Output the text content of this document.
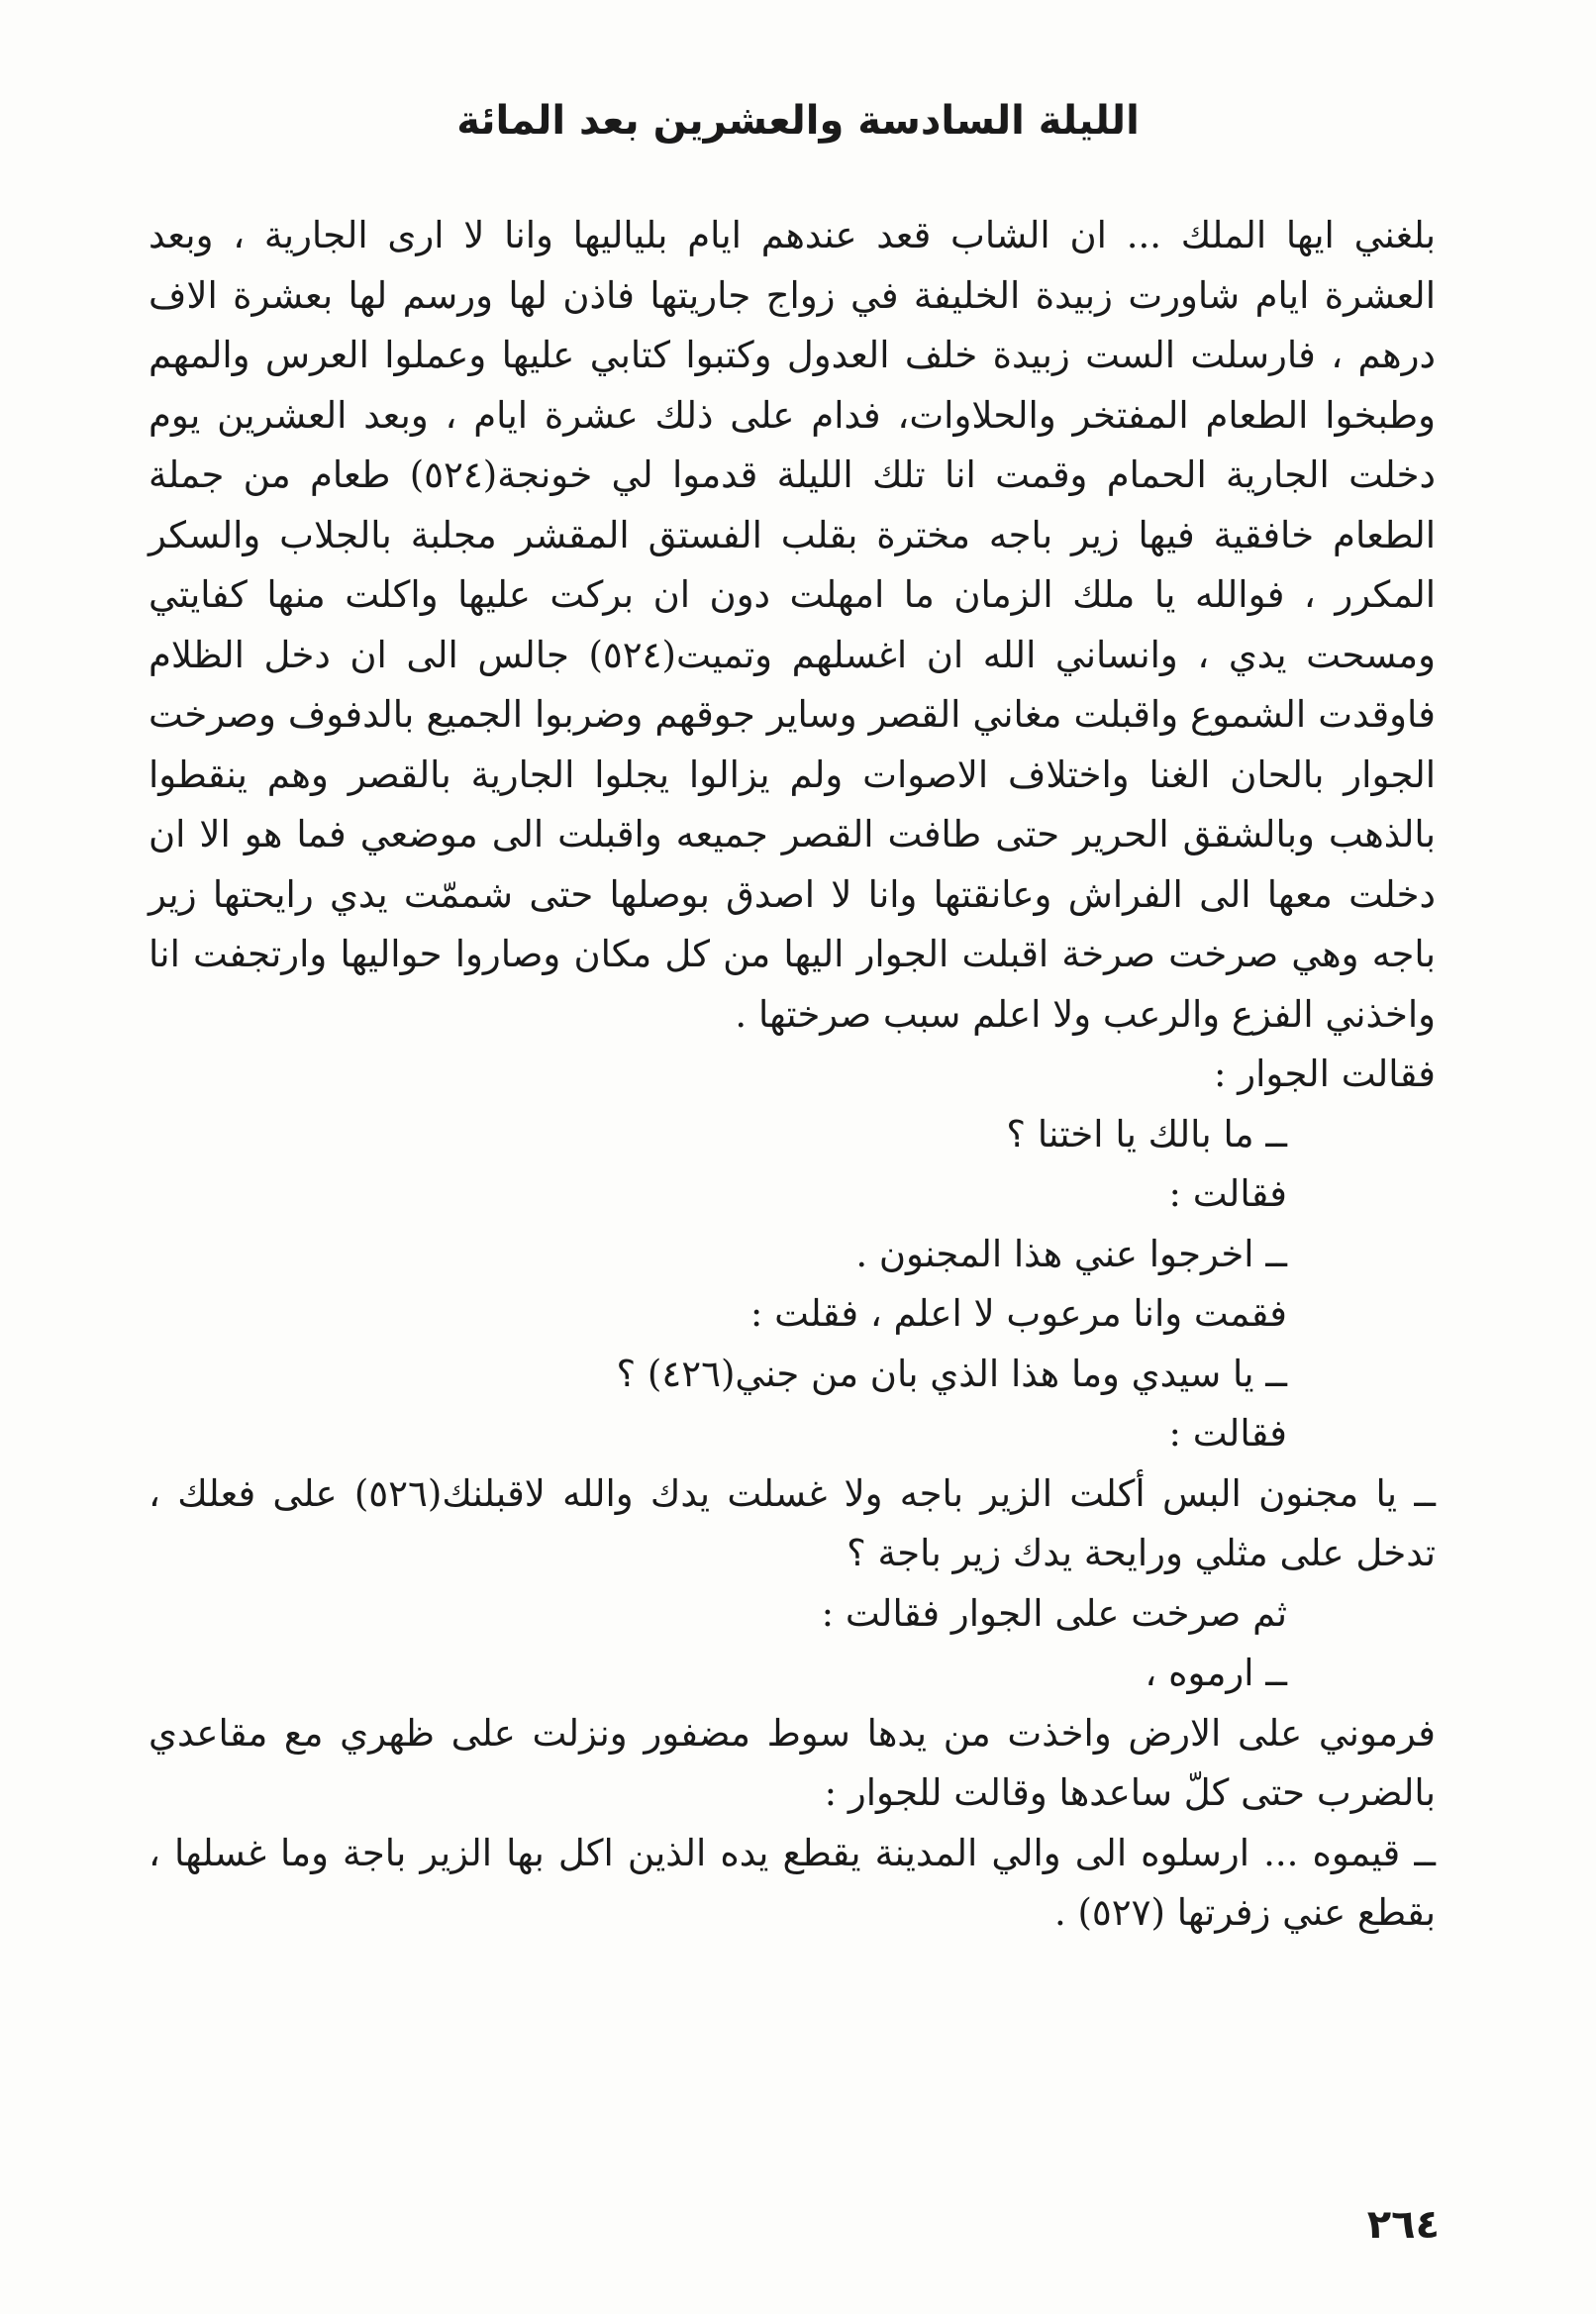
الليلة السادسة والعشرين بعد المائة

بلغني ايها الملك ... ان الشاب قعد عندهم ايام بلياليها وانا لا ارى الجارية ، وبعد العشرة ايام شاورت زبيدة الخليفة في زواج جاريتها فاذن لها ورسم لها بعشرة الاف درهم ، فارسلت الست زبيدة خلف العدول وكتبوا كتابي عليها وعملوا العرس والمهم وطبخوا الطعام المفتخر والحلاوات، فدام على ذلك عشرة ايام ، وبعد العشرين يوم دخلت الجارية الحمام وقمت انا تلك الليلة قدموا لي خونجة(٥٢٤) طعام من جملة الطعام خافقية فيها زير باجه مخترة بقلب الفستق المقشر مجلبة بالجلاب والسكر المكرر ، فوالله يا ملك الزمان ما امهلت دون ان بركت عليها واكلت منها كفايتي ومسحت يدي ، وانساني الله ان اغسلهم وتميت(٥٢٤) جالس الى ان دخل الظلام فاوقدت الشموع واقبلت مغاني القصر وساير جوقهم وضربوا الجميع بالدفوف وصرخت الجوار بالحان الغنا واختلاف الاصوات ولم يزالوا يجلوا الجارية بالقصر وهم ينقطوا بالذهب وبالشقق الحرير حتى طافت القصر جميعه واقبلت الى موضعي فما هو الا ان دخلت معها الى الفراش وعانقتها وانا لا اصدق بوصلها حتى شممّت يدي رايحتها زير باجه وهي صرخت صرخة اقبلت الجوار اليها من كل مكان وصاروا حواليها وارتجفت انا واخذني الفزع والرعب ولا اعلم سبب صرختها .

فقالت الجوار :

ــ ما بالك يا اختنا ؟

فقالت :

ــ اخرجوا عني هذا المجنون .

فقمت وانا مرعوب لا اعلم ، فقلت :

ــ يا سيدي وما هذا الذي بان من جني(٤٢٦) ؟

فقالت :

ــ يا مجنون البس أكلت الزير باجه ولا غسلت يدك والله لاقبلنك(٥٢٦) على فعلك ، تدخل على مثلي ورايحة يدك زير باجة ؟

ثم صرخت على الجوار فقالت :

ــ ارموه ،

فرموني على الارض واخذت من يدها سوط مضفور ونزلت على ظهري مع مقاعدي بالضرب حتى كلّ ساعدها وقالت للجوار :

ــ قيموه ... ارسلوه الى والي المدينة يقطع يده الذين اكل بها الزير باجة وما غسلها ، بقطع عني زفرتها (٥٢٧) .

٢٦٤
